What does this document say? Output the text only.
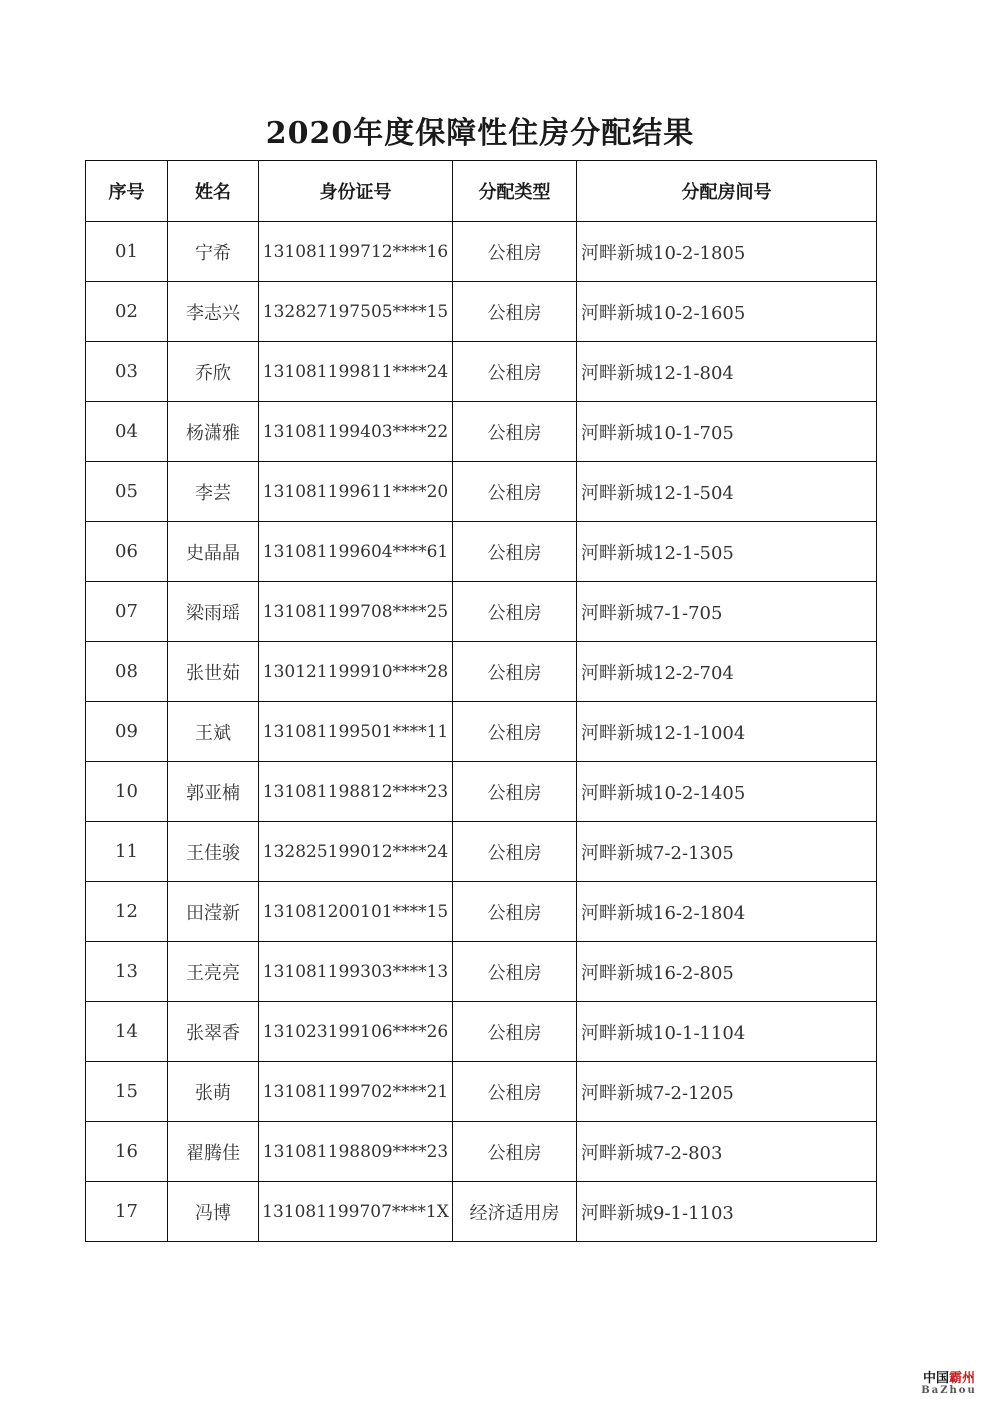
2020年度保障性住房分配结果
序号	姓名	身份证号	分配类型	分配房间号
01	宁希	131081199712****16	公租房	河畔新城10-2-1805
02	李志兴	132827197505****15	公租房	河畔新城10-2-1605
03	乔欣	131081199811****24	公租房	河畔新城12-1-804
04	杨潇雅	131081199403****22	公租房	河畔新城10-1-705
05	李芸	131081199611****20	公租房	河畔新城12-1-504
06	史晶晶	131081199604****61	公租房	河畔新城12-1-505
07	梁雨瑶	131081199708****25	公租房	河畔新城7-1-705
08	张世茹	130121199910****28	公租房	河畔新城12-2-704
09	王斌	131081199501****11	公租房	河畔新城12-1-1004
10	郭亚楠	131081198812****23	公租房	河畔新城10-2-1405
11	王佳骏	132825199012****24	公租房	河畔新城7-2-1305
12	田滢新	131081200101****15	公租房	河畔新城16-2-1804
13	王亮亮	131081199303****13	公租房	河畔新城16-2-805
14	张翠香	131023199106****26	公租房	河畔新城10-1-1104
15	张萌	131081199702****21	公租房	河畔新城7-2-1205
16	翟腾佳	131081198809****23	公租房	河畔新城7-2-803
17	冯博	131081199707****1X	经济适用房	河畔新城9-1-1103
中国霸州
BaZhou
